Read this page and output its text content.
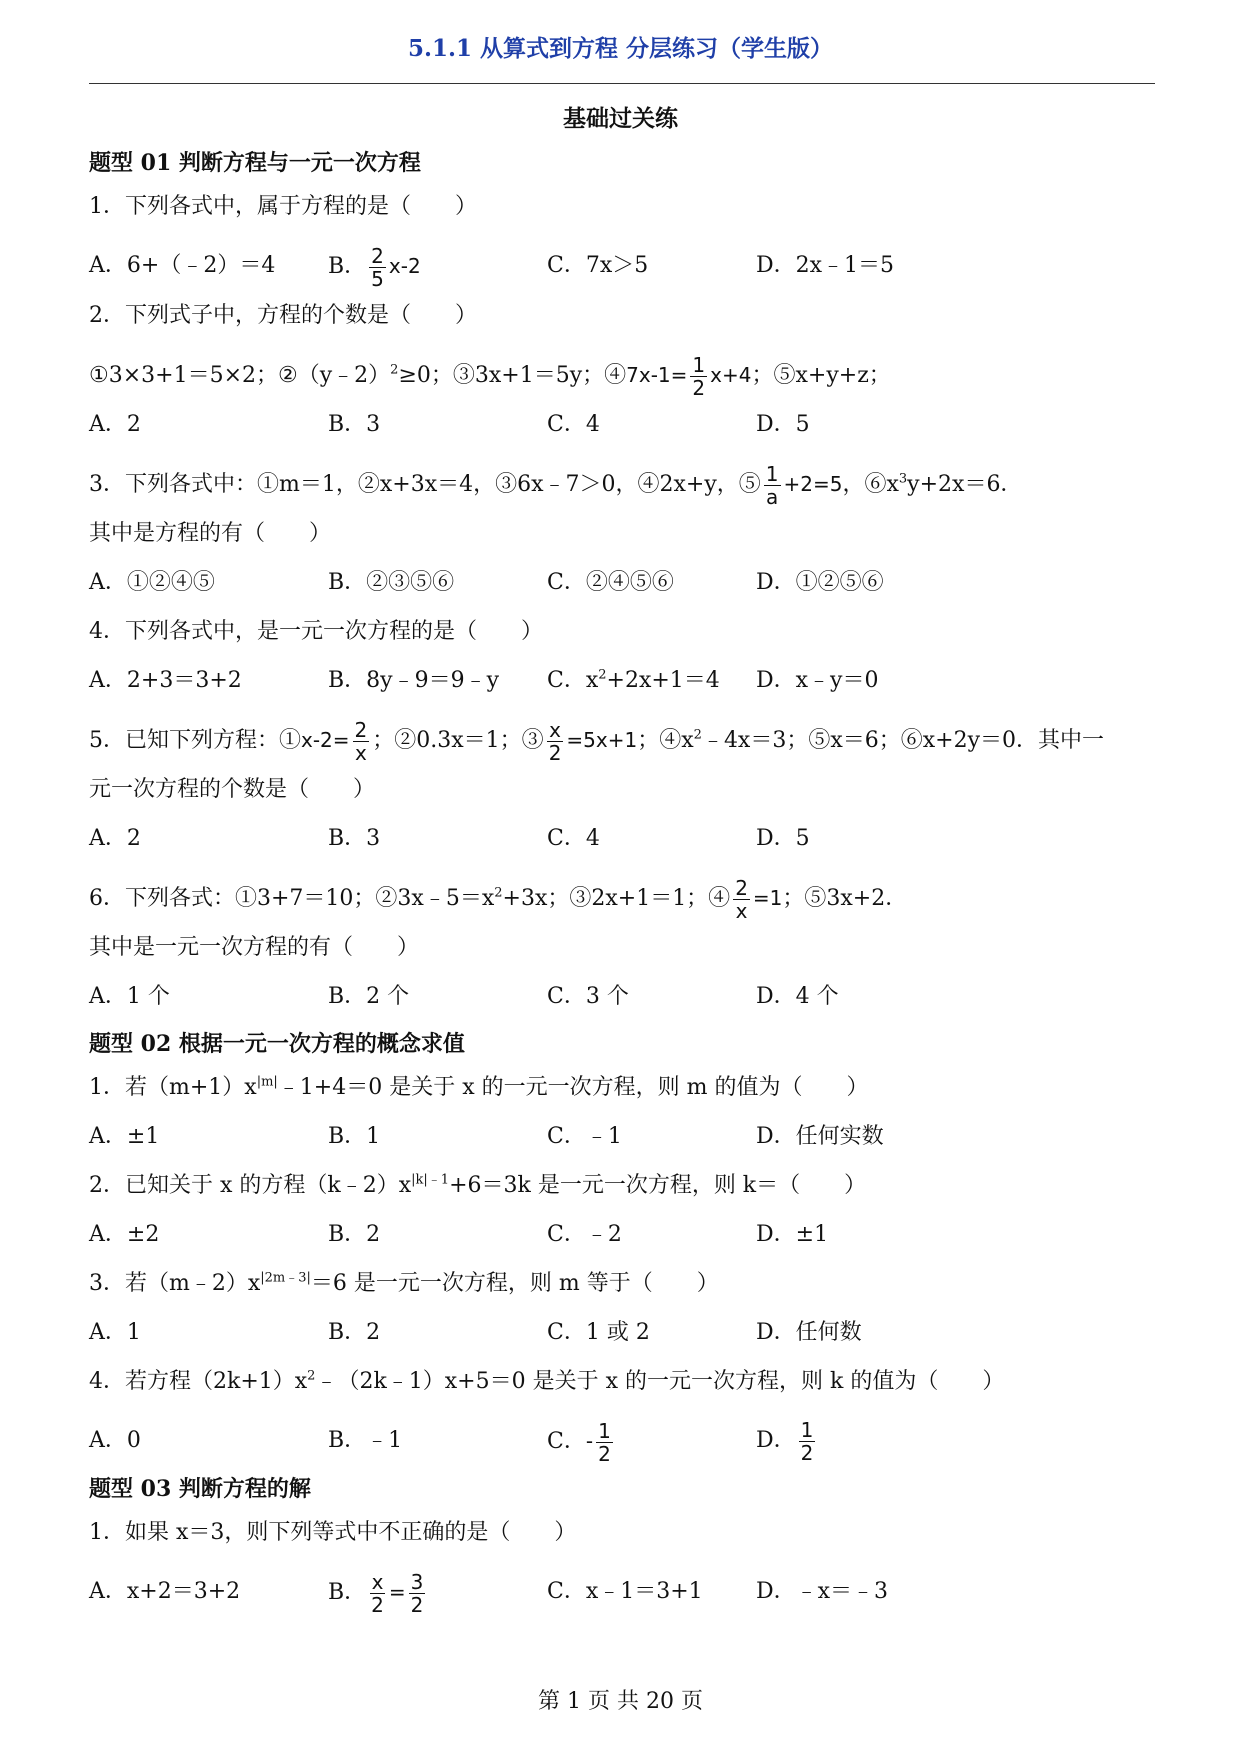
5.1.1 从算式到方程 分层练习（学生版）
基础过关练
题型 01 判断方程与一元一次方程
1．下列各式中，属于方程的是（　　）
A．6+（﹣2）＝4 B． $\frac{2}{5} x-2$	C．7x＞5	D．2x﹣1＝5
2．下列式子中，方程的个数是（　　）
①3×3+1＝5×2；②（y﹣2）$^2$≥0；③3x+1＝5y；④7x-1= $\frac{1}{2} x+4$；⑤x+y+z；
A．2	B．3	C．4	D．5
3．下列各式中：①m＝1，②x+3x＝4，③6x﹣7＞0，④2x+y，⑤ $\frac{1}{a} +2=5$，$⑥x^3y+2x=6$．
其中是方程的有（　　）
A．①②④⑤	B．②③⑤⑥	C．②④⑤⑥	D．①②⑤⑥
4．下列各式中，是一元一次方程的是（　　）
A．2+3＝3+2	B．8y﹣9＝9﹣y C．$x^2+2x+1=4$ D．x﹣y＝0
5．已知下列方程：①x-2= $\frac{2}{x}$ ；②0.3x＝1；③ $\frac{x}{2} =5x+1$；$④x^2﹣4x=3$；⑤x＝6；⑥x+2y＝0．其中一
元一次方程的个数是（　　）
A．2	B．3	C．4	D．5
6．下列各式：①3+7＝10；$②3x﹣5=x^2+3x$；③2x+1＝1；④ $\frac{2}{x} =1$；⑤3x+2．
其中是一元一次方程的有（　　）
A．1 个	B．2 个	C．3 个	D．4 个
题型 02 根据一元一次方程的概念求值
1．若$(m+1)x^{|m|}﹣1+4=0$ 是关于 x 的一元一次方程，则 m 的值为（　　）
A．±1	B．1	C．﹣1	D．任何实数
2．已知关于 x 的方程$(k﹣2)x^{|k|﹣1}+6=3k$ 是一元一次方程，则 k＝（　　）
A．±2	B．2	C．﹣2	D．±1
3．若$(m﹣2)x^{|2m﹣3|}=6$ 是一元一次方程，则 m 等于（　　）
A．1	B．2	C．1 或 2	D．任何数
4．若方程$(2k+1)x^2﹣(2k﹣1)x+5=0$ 是关于 x 的一元一次方程，则 k 的值为（　　）
A．0	B．﹣1	C．- $\frac{1}{2}$	D． $\frac{1}{2}$
题型 03 判断方程的解
1．如果 x＝3，则下列等式中不正确的是（　　）
A．x+2＝3+2	B． $\frac{x}{2} = \frac{3}{2}$	C．x﹣1＝3+1 D．﹣x＝﹣3
第 1 页 共 20 页
